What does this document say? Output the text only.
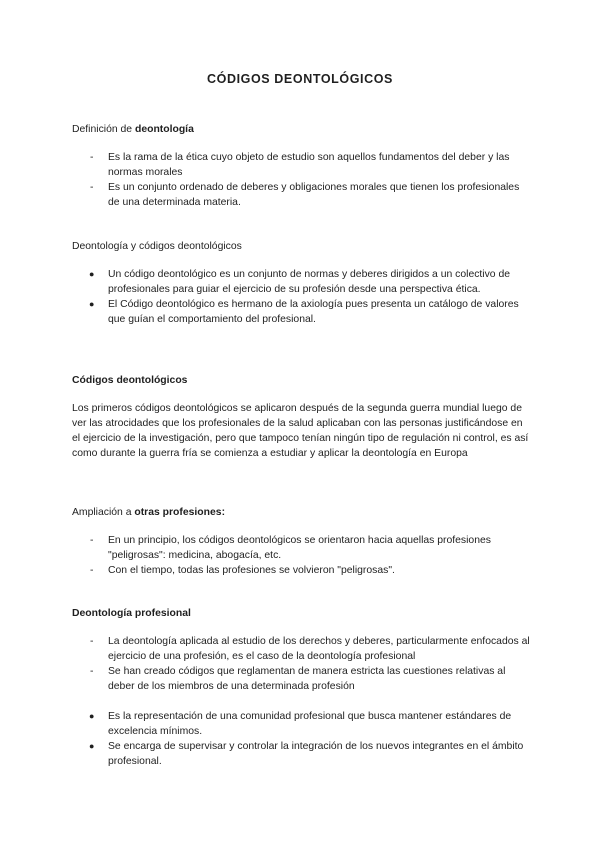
CÓDIGOS DEONTOLÓGICOS
Definición de deontología
- Es la rama de la ética cuyo objeto de estudio son aquellos fundamentos del deber y las normas morales
- Es un conjunto ordenado de deberes y obligaciones morales que tienen los profesionales de una determinada materia.
Deontología y códigos deontológicos
● Un código deontológico es un conjunto de normas y deberes dirigidos a un colectivo de profesionales para guiar el ejercicio de su profesión desde una perspectiva ética.
● El Código deontológico es hermano de la axiología pues presenta un catálogo de valores que guían el comportamiento del profesional.
Códigos deontológicos

Los primeros códigos deontológicos se aplicaron después de la segunda guerra mundial luego de ver las atrocidades que los profesionales de la salud aplicaban con las personas justificándose en el ejercicio de la investigación, pero que tampoco tenían ningún tipo de regulación ni control, es así como durante la guerra fría se comienza a estudiar y aplicar la deontología en Europa

Ampliación a otras profesiones:
- En un principio, los códigos deontológicos se orientaron hacia aquellas profesiones "peligrosas": medicina, abogacía, etc.
- Con el tiempo, todas las profesiones se volvieron "peligrosas".
Deontología profesional
- La deontología aplicada al estudio de los derechos y deberes, particularmente enfocados al ejercicio de una profesión, es el caso de la deontología profesional
- Se han creado códigos que reglamentan de manera estricta las cuestiones relativas al deber de los miembros de una determinada profesión
● Es la representación de una comunidad profesional que busca mantener estándares de excelencia mínimos.
● Se encarga de supervisar y controlar la integración de los nuevos integrantes en el ámbito profesional.
